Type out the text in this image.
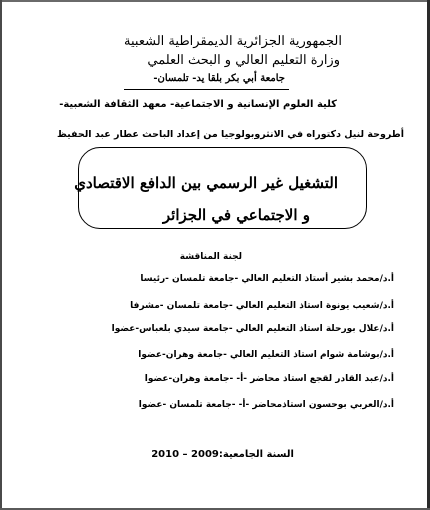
الجمهورية الجزائرية الديمقراطية الشعبية
وزارة التعليم العالي و البحث العلمي
جامعة أبي بكر بلقا يد- تلمسان-
كلية العلوم الإنسانية و الاجتماعية- معهد الثقافة الشعبية-
أطروحة لنيل دكتوراه في الانثروبولوجيا من إعداد الباحث عطار عبد الحفيظ
التشغيل غير الرسمي بين الدافع الاقتصادي
و الاجتماعي في الجزائر
لجنة المناقشة
أ.د/محمد بشير أستاذ التعليم العالي -جامعة تلمسان -رئيسا
أ.د/شعيب يونوة استاذ التعليم العالي -جامعة تلمسان -مشرفا
أ.د/علال بورحلة استاذ التعليم العالي -جامعة سيدي بلعباس-عضوا
أ.د/بوشامة شوام استاذ التعليم العالي -جامعة وهران-عضوا
أ.د/عبد القادر لقجع استاذ محاضر -أ- -جامعة وهران-عضوا
أ.د/العربي بوحسون استاذمحاضر -أ- -جامعة تلمسان -عضوا
السنة الجامعية:2009 – 2010
